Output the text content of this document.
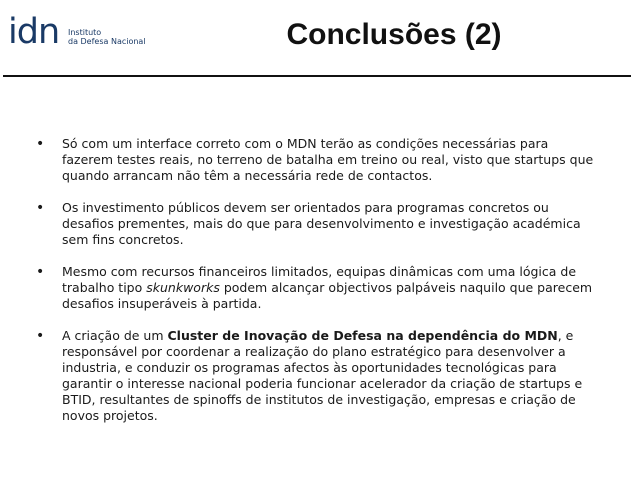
idn Instituto
da Defesa Nacional	Conclusões (2)
• Só com um interface correto com o MDN terão as condições necessárias para fazerem testes reais, no terreno de batalha em treino ou real, visto que startups que quando arrancam não têm a necessária rede de contactos.
• Os investimento públicos devem ser orientados para programas concretos ou desafios prementes, mais do que para desenvolvimento e investigação académica sem fins concretos.
• Mesmo com recursos financeiros limitados, equipas dinâmicas com uma lógica de trabalho tipo skunkworks podem alcançar objectivos palpáveis naquilo que parecem desafios insuperáveis à partida.
• A criação de um Cluster de Inovação de Defesa na dependência do MDN, e responsável por coordenar a realização do plano estratégico para desenvolver a industria, e conduzir os programas afectos às oportunidades tecnológicas para garantir o interesse nacional poderia funcionar acelerador da criação de startups e BTID, resultantes de spinoffs de institutos de investigação, empresas e criação de novos projetos.
